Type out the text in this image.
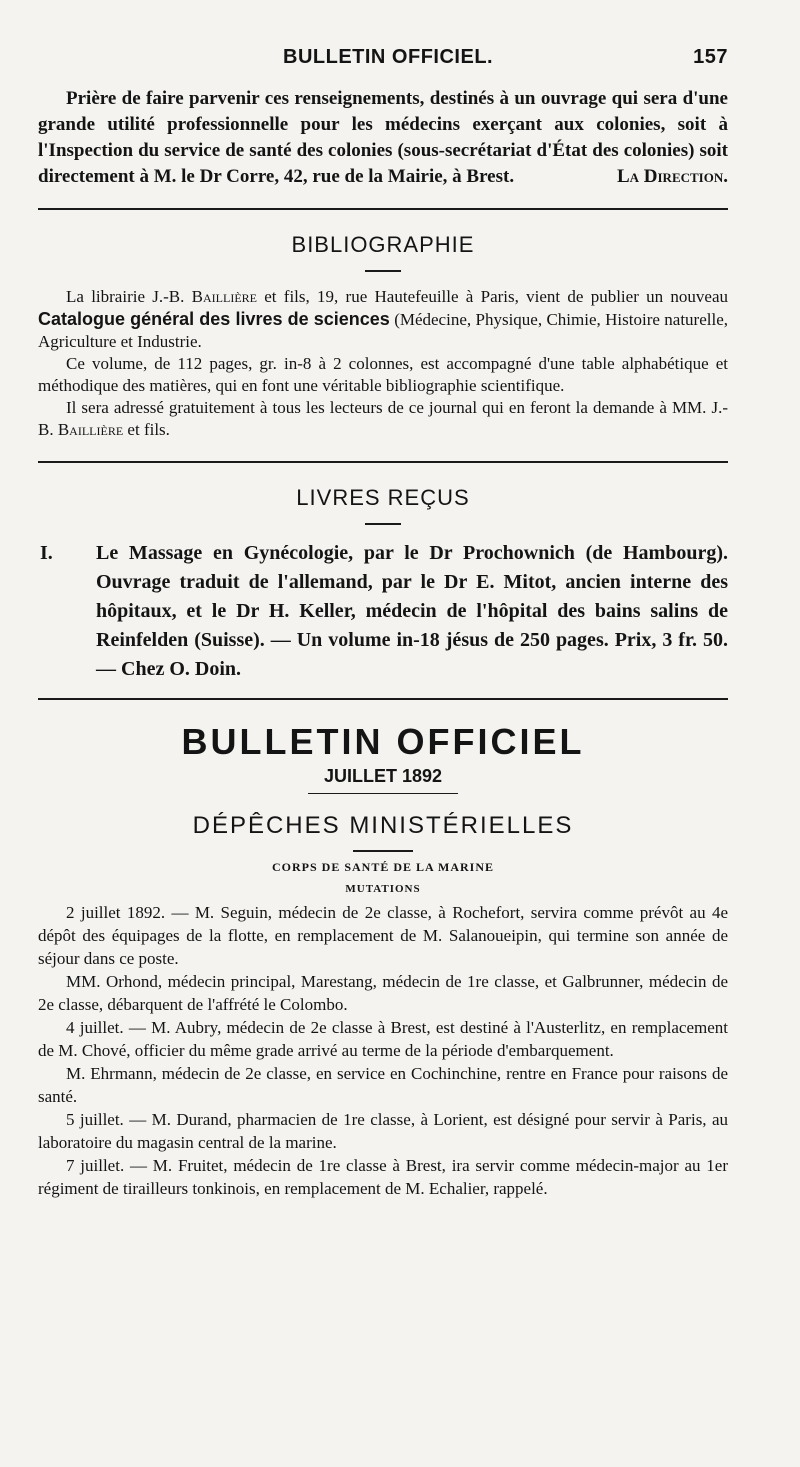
BULLETIN OFFICIEL.	157

Prière de faire parvenir ces renseignements, destinés à un ouvrage qui sera d'une grande utilité professionnelle pour les médecins exerçant aux colonies, soit à l'Inspection du service de santé des colonies (sous-secrétariat d'État des colonies) soit directement à M. le Dr Corre, 42, rue de la Mairie, à Brest.	La Direction.
BIBLIOGRAPHIE

La librairie J.-B. Baillière et fils, 19, rue Hautefeuille à Paris, vient de publier un nouveau Catalogue général des livres de sciences (Médecine, Physique, Chimie, Histoire naturelle, Agriculture et Industrie.

Ce volume, de 112 pages, gr. in-8 à 2 colonnes, est accompagné d'une table alphabétique et méthodique des matières, qui en font une véritable bibliographie scientifique.

Il sera adressé gratuitement à tous les lecteurs de ce journal qui en feront la demande à MM. J.-B. Baillière et fils.

LIVRES REÇUS

I. Le Massage en Gynécologie, par le Dr Prochownich (de Hambourg). Ouvrage traduit de l'allemand, par le Dr E. Mitot, ancien interne des hôpitaux, et le Dr H. Keller, médecin de l'hôpital des bains salins de Reinfelden (Suisse). — Un volume in-18 jésus de 250 pages. Prix, 3 fr. 50. — Chez O. Doin.

BULLETIN OFFICIEL
JUILLET 1892
DÉPÊCHES MINISTÉRIELLES
CORPS DE SANTÉ DE LA MARINE
MUTATIONS

2 juillet 1892. — M. Seguin, médecin de 2e classe, à Rochefort, servira comme prévôt au 4e dépôt des équipages de la flotte, en remplacement de M. Salanoueipin, qui termine son année de séjour dans ce poste.

MM. Orhond, médecin principal, Marestang, médecin de 1re classe, et Galbrunner, médecin de 2e classe, débarquent de l'affrété le Colombo.

4 juillet. — M. Aubry, médecin de 2e classe à Brest, est destiné à l'Austerlitz, en remplacement de M. Chové, officier du même grade arrivé au terme de la période d'embarquement.

M. Ehrmann, médecin de 2e classe, en service en Cochinchine, rentre en France pour raisons de santé.

5 juillet. — M. Durand, pharmacien de 1re classe, à Lorient, est désigné pour servir à Paris, au laboratoire du magasin central de la marine.

7 juillet. — M. Fruitet, médecin de 1re classe à Brest, ira servir comme médecin-major au 1er régiment de tirailleurs tonkinois, en remplacement de M. Echalier, rappelé.
